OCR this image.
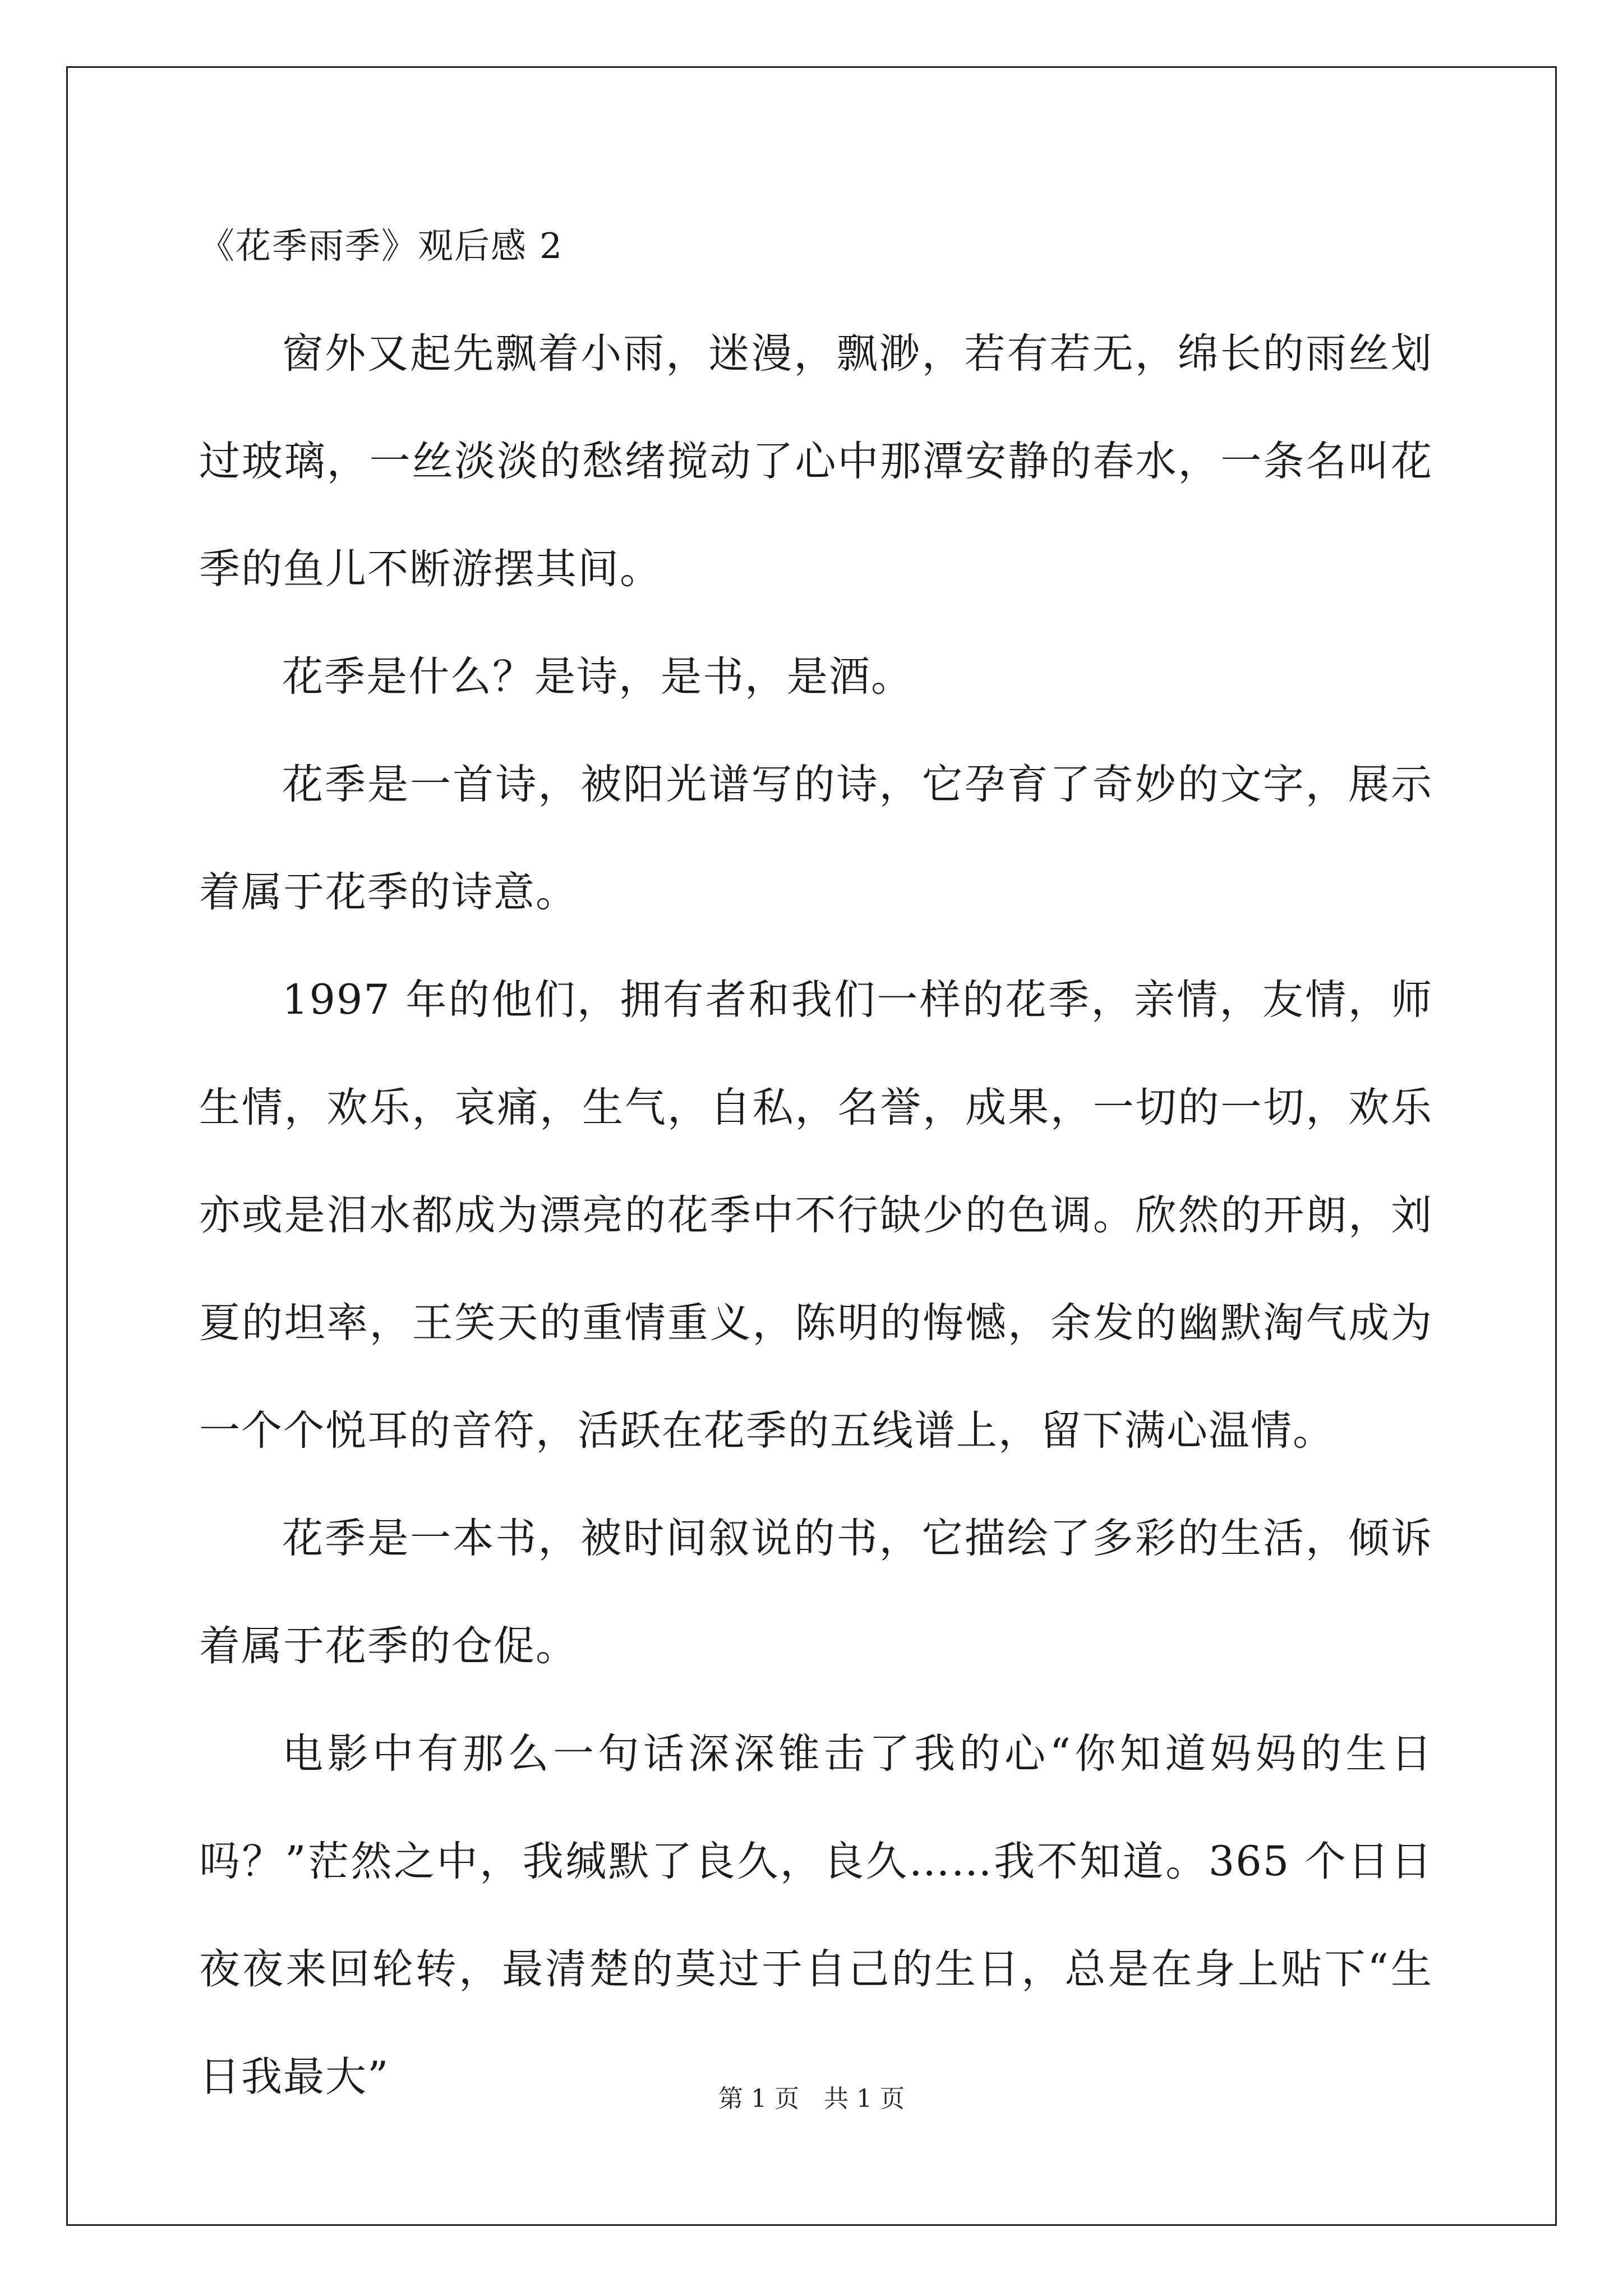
《花季雨季》观后感 2

窗外又起先飘着小雨，迷漫，飘渺，若有若无，绵长的雨丝划过玻璃，一丝淡淡的愁绪搅动了心中那潭安静的春水，一条名叫花季的鱼儿不断游摆其间。

花季是什么？是诗，是书，是酒。

花季是一首诗，被阳光谱写的诗，它孕育了奇妙的文字，展示着属于花季的诗意。

1997 年的他们，拥有者和我们一样的花季，亲情，友情，师生情，欢乐，哀痛，生气，自私，名誉，成果，一切的一切，欢乐亦或是泪水都成为漂亮的花季中不行缺少的色调。欣然的开朗，刘夏的坦率，王笑天的重情重义，陈明的悔憾，余发的幽默淘气成为一个个悦耳的音符，活跃在花季的五线谱上，留下满心温情。

花季是一本书，被时间叙说的书，它描绘了多彩的生活，倾诉着属于花季的仓促。

电影中有那么一句话深深锥击了我的心“你知道妈妈的生日吗？”茫然之中，我缄默了良久，良久……我不知道。365 个日日夜夜来回轮转，最清楚的莫过于自己的生日，总是在身上贴下“生日我最大”	第 1 页 共 1 页
